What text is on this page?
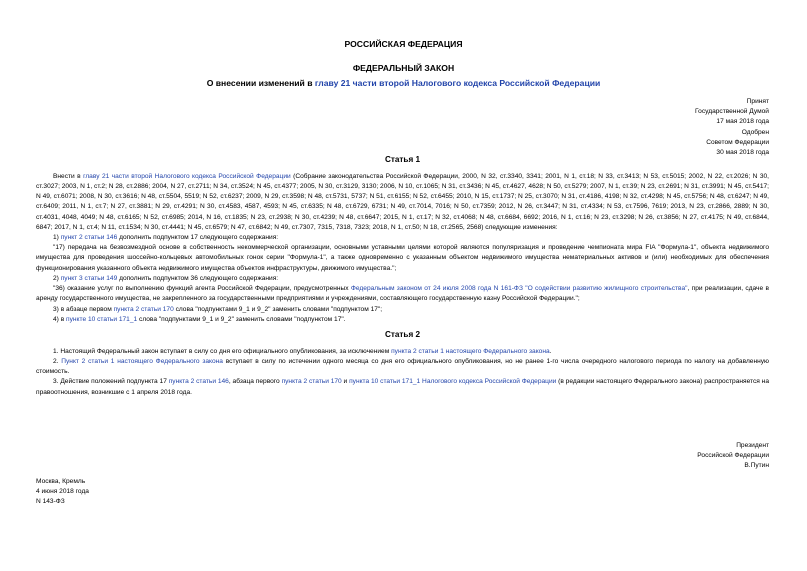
РОССИЙСКАЯ ФЕДЕРАЦИЯ
ФЕДЕРАЛЬНЫЙ ЗАКОН
О внесении изменений в главу 21 части второй Налогового кодекса Российской Федерации
Принят
Государственной Думой
17 мая 2018 года
Одобрен
Советом Федерации
30 мая 2018 года

Статья 1

Внести в главу 21 части второй Налогового кодекса Российской Федерации (Собрание законодательства Российской Федерации, 2000, N 32, ст.3340, 3341; 2001, N 1, ст.18; N 33, ст.3413; N 53, ст.5015; 2002, N 22, ст.2026; N 30, ст.3027; 2003, N 1, ст.2; N 28, ст.2886; 2004, N 27, ст.2711; N 34, ст.3524; N 45, ст.4377; 2005, N 30, ст.3129, 3130; 2006, N 10, ст.1065; N 31, ст.3436; N 45, ст.4627, 4628; N 50, ст.5279; 2007, N 1, ст.39; N 23, ст.2691; N 31, ст.3991; N 45, ст.5417; N 49, ст.6071; 2008, N 30, ст.3616; N 48, ст.5504, 5519; N 52, ст.6237; 2009, N 29, ст.3598; N 48, ст.5731, 5737; N 51, ст.6155; N 52, ст.6455; 2010, N 15, ст.1737; N 25, ст.3070; N 31, ст.4186, 4198; N 32, ст.4298; N 45, ст.5756; N 48, ст.6247; N 49, ст.6409; 2011, N 1, ст.7; N 27, ст.3881; N 29, ст.4291; N 30, ст.4583, 4587, 4593; N 45, ст.6335; N 48, ст.6729, 6731; N 49, ст.7014, 7016; N 50, ст.7359; 2012, N 26, ст.3447; N 31, ст.4334; N 53, ст.7596, 7619; 2013, N 23, ст.2866, 2889; N 30, ст.4031, 4048, 4049; N 48, ст.6165; N 52, ст.6985; 2014, N 16, ст.1835; N 23, ст.2938; N 30, ст.4239; N 48, ст.6647; 2015, N 1, ст.17; N 32, ст.4068; N 48, ст.6684, 6692; 2016, N 1, ст.16; N 23, ст.3298; N 26, ст.3856; N 27, ст.4175; N 49, ст.6844, 6847; 2017, N 1, ст.4; N 11, ст.1534; N 30, ст.4441; N 45, ст.6579; N 47, ст.6842; N 49, ст.7307, 7315, 7318, 7323; 2018, N 1, ст.50; N 18, ст.2565, 2568) следующие изменения:

1) пункт 2 статьи 146 дополнить подпунктом 17 следующего содержания:

"17) передача на безвозмездной основе в собственность некоммерческой организации, основными уставными целями которой являются популяризация и проведение чемпионата мира FIA "Формула-1", объекта недвижимого имущества для проведения шоссейно-кольцевых автомобильных гонок серии "Формула-1", а также одновременно с указанным объектом недвижимого имущества нематериальных активов и (или) необходимых для обеспечения функционирования указанного объекта недвижимого имущества объектов инфраструктуры, движимого имущества.";

2) пункт 3 статьи 149 дополнить подпунктом 36 следующего содержания:

"36) оказание услуг по выполнению функций агента Российской Федерации, предусмотренных Федеральным законом от 24 июля 2008 года N 161-ФЗ "О содействии развитию жилищного строительства", при реализации, сдаче в аренду государственного имущества, не закрепленного за государственными предприятиями и учреждениями, составляющего государственную казну Российской Федерации.";

3) в абзаце первом пункта 2 статьи 170 слова "подпунктами 9_1 и 9_2" заменить словами "подпунктом 17";

4) в пункте 10 статьи 171_1 слова "подпунктами 9_1 и 9_2" заменить словами "подпунктом 17".

Статья 2

1. Настоящий Федеральный закон вступает в силу со дня его официального опубликования, за исключением пункта 2 статьи 1 настоящего Федерального закона.

2. Пункт 2 статьи 1 настоящего Федерального закона вступает в силу по истечении одного месяца со дня его официального опубликования, но не ранее 1-го числа очередного налогового периода по налогу на добавленную стоимость.

3. Действие положений подпункта 17 пункта 2 статьи 146, абзаца первого пункта 2 статьи 170 и пункта 10 статьи 171_1 Налогового кодекса Российской Федерации (в редакции настоящего Федерального закона) распространяется на правоотношения, возникшие с 1 апреля 2018 года.

Президент
Российской Федерации
В.Путин
Москва, Кремль
4 июня 2018 года
N 143-ФЗ
